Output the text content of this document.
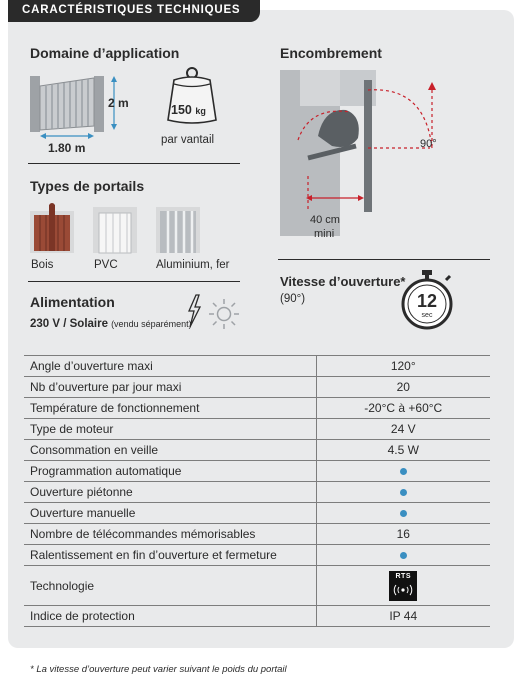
CARACTÉRISTIQUES TECHNIQUES
Domaine d’application
2 m
1.80 m
150 kg
par vantail
Types de portails
Bois	PVC	Aluminium, fer
Alimentation
230 V / Solaire (vendu séparément)
Encombrement
90°
40 cm
mini
Vitesse d’ouverture*
(90°)	12
sec
Angle d’ouverture maxi	120°
Nb d’ouverture par jour maxi	20
Température de fonctionnement	-20°C à +60°C
Type de moteur	24 V
Consommation en veille	4.5 W
Programmation automatique	
Ouverture piétonne	
Ouverture manuelle	
Nombre de télécommandes mémorisables	16
Ralentissement en fin d’ouverture et fermeture	
Technologie	RTS

Indice de protection	IP 44
* La vitesse d’ouverture peut varier suivant le poids du portail
